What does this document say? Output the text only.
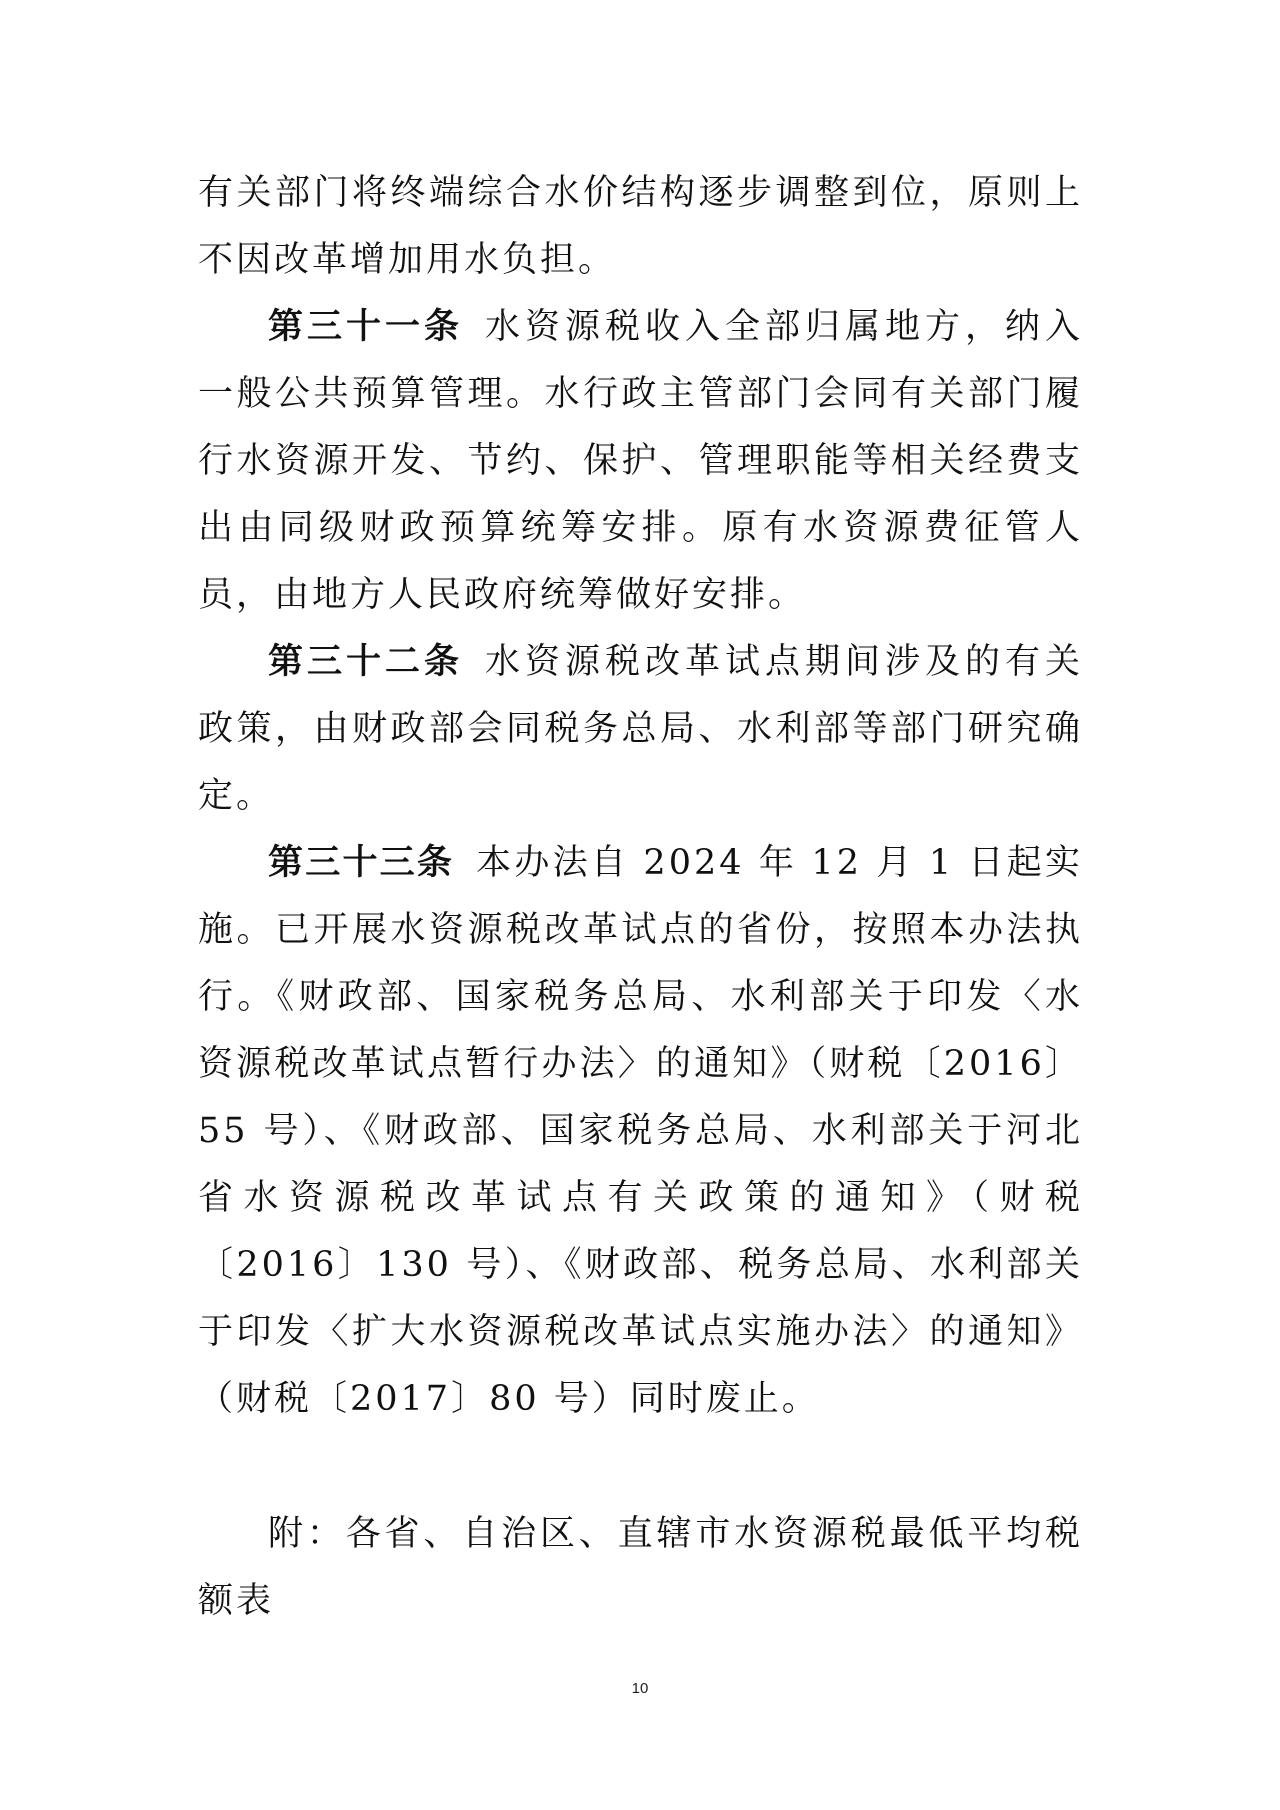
有关部门将终端综合水价结构逐步调整到位，原则上不因改革增加用水负担。

第三十一条 水资源税收入全部归属地方，纳入一般公共预算管理。水行政主管部门会同有关部门履行水资源开发、节约、保护、管理职能等相关经费支出由同级财政预算统筹安排。原有水资源费征管人员，由地方人民政府统筹做好安排。

第三十二条 水资源税改革试点期间涉及的有关政策，由财政部会同税务总局、水利部等部门研究确定。

第三十三条 本办法自 2024 年 12 月 1 日起实施。已开展水资源税改革试点的省份，按照本办法执行。《财政部、国家税务总局、水利部关于印发〈水资源税改革试点暂行办法〉的通知》（财税〔2016〕55 号）、《财政部、国家税务总局、水利部关于河北省水资源税改革试点有关政策的通知》（财税〔2016〕130 号）、《财政部、税务总局、水利部关于印发〈扩大水资源税改革试点实施办法〉的通知》（财税〔2017〕80 号）同时废止。

附：各省、自治区、直辖市水资源税最低平均税额表

10
